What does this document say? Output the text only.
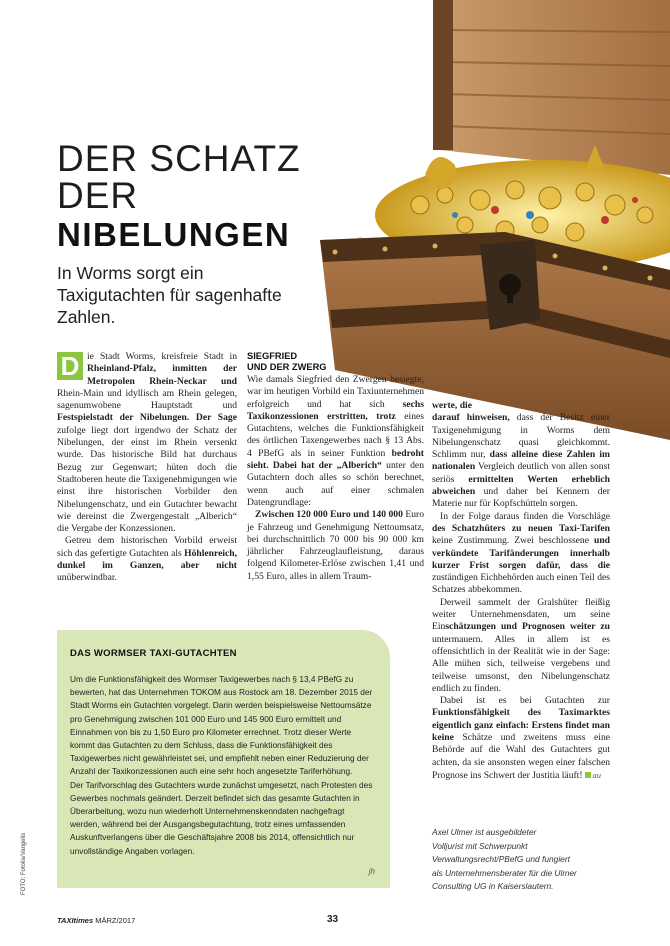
DER SCHATZ
DER
NIBELUNGEN
In Worms sorgt ein Taxigutachten für sagenhafte Zahlen.

D ie Stadt Worms, kreisfreie Stadt in Rheinland-Pfalz, inmitten der Metropolen Rhein-Neckar und Rhein-Main und idyllisch am Rhein gelegen, sagenumwobene Hauptstadt und Festspielstadt der Nibelungen. Der Sage zufolge liegt dort irgendwo der Schatz der Nibelungen, der einst im Rhein versenkt wurde. Das historische Bild hat durchaus Bezug zur Gegenwart; hüten doch die Stadtoberen heute die Taxigenehmigungen wie einst ihre historischen Vorbilder den Nibelungenschatz, und ein Gutachter bewacht wie dereinst die Zwergengestalt „Alberich“ die Vergabe der Konzessionen.

Getreu dem historischen Vorbild erweist sich das gefertigte Gutachten als Höhlenreich, dunkel im Ganzen, aber nicht unüberwindbar.

SIEGFRIED
UND DER ZWERG

Wie damals Siegfried den Zwergen besiegte, war im heutigen Vorbild ein Taxiunternehmen erfolgreich und hat sich sechs Taxikonzessionen erstritten, trotz eines Gutachtens, welches die Funktionsfähigkeit des örtlichen Taxengewerbes nach § 13 Abs. 4 PBefG als in seiner Funktion bedroht sieht. Dabei hat der „Alberich“ unter den Gutachtern doch alles so schön berechnet, wenn auch auf einer schmalen Datengrundlage:

Zwischen 120 000 Euro und 140 000 Euro je Fahrzeug und Genehmigung Nettoumsatz, bei durchschnittlich 70 000 bis 90 000 km jährlicher Fahrzeuglaufleistung, daraus folgend Kilometer-Erlöse zwischen 1,41 und 1,55 Euro, alles in allem Traum-

werte, die
darauf hinweisen, dass der Besitz einer Taxigenehmigung in Worms dem Nibelungenschatz quasi gleichkommt. Schlimm nur, dass alleine diese Zahlen im nationalen Vergleich deutlich von allen sonst seriös ermittelten Werten erheblich abweichen und daher bei Kennern der Materie nur für Kopfschütteln sorgen.

In der Folge daraus finden die Vorschläge des Schatzhüters zu neuen Taxi-Tarifen keine Zustimmung. Zwei beschlossene und verkündete Tarifänderungen innerhalb kurzer Frist sorgen dafür, dass die zuständigen Eichbehörden auch einen Teil des Schatzes abbekommen.

Derweil sammelt der Gralshüter fleißig weiter Unternehmensdaten, um seine Einschätzungen und Prognosen weiter zu untermauern. Alles in allem ist es offensichtlich in der Realität wie in der Sage: Alle mühen sich, teilweise vergebens und teilweise umsonst, den Nibelungenschatz endlich zu finden.

Dabei ist es bei Gutachten zur Funktionsfähigkeit des Taximarktes eigentlich ganz einfach: Erstens findet man keine Schätze und zweitens muss eine Behörde auf die Wahl des Gutachters gut achten, da sie ansonsten wegen einer falschen Prognose ins Schwert der Justitia läuft! au

DAS WORMSER TAXI-GUTACHTEN

Um die Funktionsfähigkeit des Wormser Taxigewerbes nach § 13,4 PBefG zu bewerten, hat das Unternehmen TOKOM aus Rostock am 18. Dezember 2015 der Stadt Worms ein Gutachten vorgelegt. Darin werden beispielsweise Nettoumsätze pro Genehmigung zwischen 101 000 Euro und 145 900 Euro ermittelt und Einnahmen von bis zu 1,50 Euro pro Kilometer errechnet. Trotz dieser Werte kommt das Gutachten zu dem Schluss, dass die Funktionsfähigkeit des Taxigewerbes nicht gewährleistet sei, und empfiehlt neben einer Reduzierung der Anzahl der Taxikonzessionen auch eine sehr hoch angesetzte Tariferhöhung.

Der Tarifvorschlag des Gutachters wurde zunächst umgesetzt, nach Protesten des Gewerbes nochmals geändert. Derzeit befindet sich das gesamte Gutachten in Überarbeitung, wozu nun wiederholt Unternehmenskenndaten nachgefragt werden, während bei der Ausgangsbegutachtung, trotz eines umfassenden Auskunftverlangens über die Geschäftsjahre 2008 bis 2014, offensichtlich nur unvollständige Angaben vorlagen.

jh

Axel Ulmer ist ausgebildeter

Volljurist mit Schwerpunkt

Verwaltungsrecht/PBefG und fungiert

als Unternehmensberater für die Ulmer

Consulting UG in Kaiserslautern.

FOTO: Fotolia/Vangelis
TAXItimes MÄRZ/2017	33
